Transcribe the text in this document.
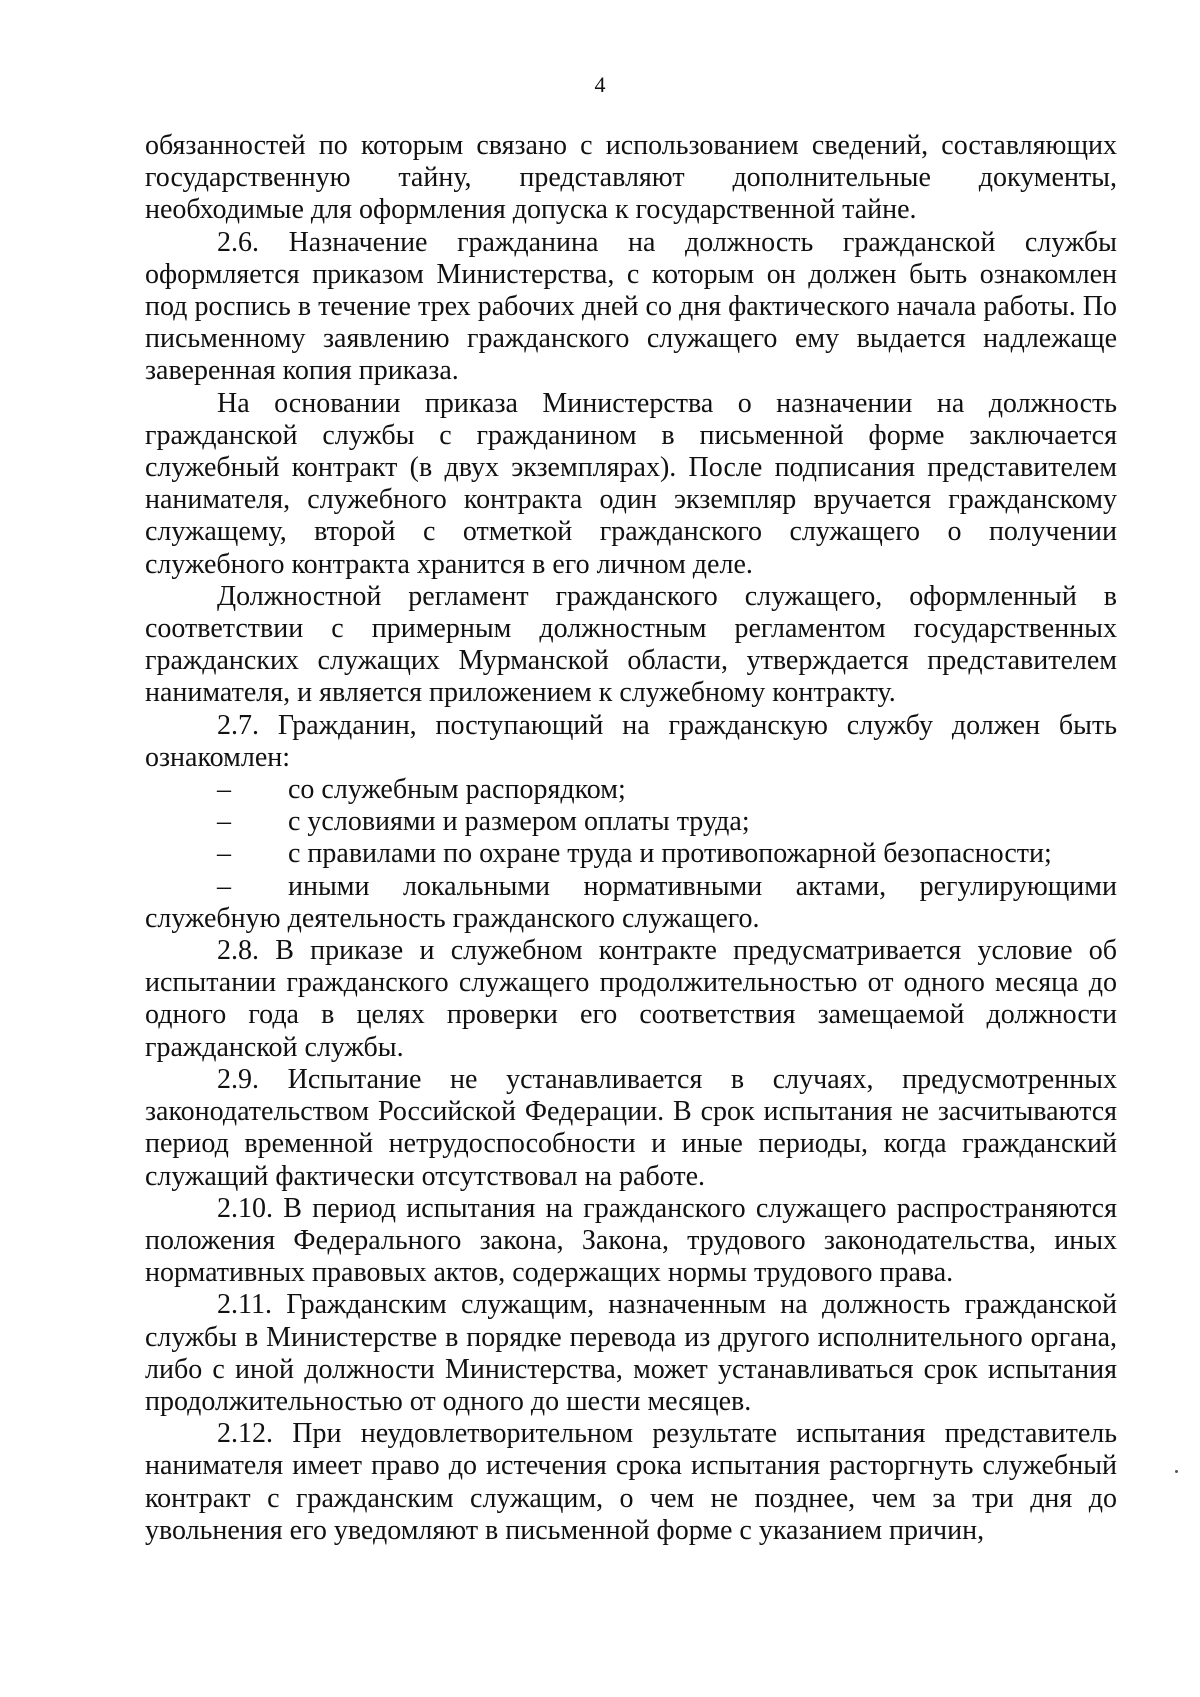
4

обязанностей по которым связано с использованием сведений, составляющих государственную тайну, представляют дополнительные документы, необходимые для оформления допуска к государственной тайне.

2.6. Назначение гражданина на должность гражданской службы оформляется приказом Министерства, с которым он должен быть ознакомлен под роспись в течение трех рабочих дней со дня фактического начала работы. По письменному заявлению гражданского служащего ему выдается надлежаще заверенная копия приказа.

На основании приказа Министерства о назначении на должность гражданской службы с гражданином в письменной форме заключается служебный контракт (в двух экземплярах). После подписания представителем нанимателя, служебного контракта один экземпляр вручается гражданскому служащему, второй с отметкой гражданского служащего о получении служебного контракта хранится в его личном деле.

Должностной регламент гражданского служащего, оформленный в соответствии с примерным должностным регламентом государственных гражданских служащих Мурманской области, утверждается представителем нанимателя, и является приложением к служебному контракту.

2.7. Гражданин, поступающий на гражданскую службу должен быть ознакомлен:

– со служебным распорядком;

– с условиями и размером оплаты труда;

– с правилами по охране труда и противопожарной безопасности;

– иными локальными нормативными актами, регулирующими служебную деятельность гражданского служащего.

2.8. В приказе и служебном контракте предусматривается условие об испытании гражданского служащего продолжительностью от одного месяца до одного года в целях проверки его соответствия замещаемой должности гражданской службы.

2.9. Испытание не устанавливается в случаях, предусмотренных законодательством Российской Федерации. В срок испытания не засчитываются период временной нетрудоспособности и иные периоды, когда гражданский служащий фактически отсутствовал на работе.

2.10. В период испытания на гражданского служащего распространяются положения Федерального закона, Закона, трудового законодательства, иных нормативных правовых актов, содержащих нормы трудового права.

2.11. Гражданским служащим, назначенным на должность гражданской службы в Министерстве в порядке перевода из другого исполнительного органа, либо с иной должности Министерства, может устанавливаться срок испытания продолжительностью от одного до шести месяцев.

2.12. При неудовлетворительном результате испытания представитель нанимателя имеет право до истечения срока испытания расторгнуть служебный контракт с гражданским служащим, о чем не позднее, чем за три дня до увольнения его уведомляют в письменной форме с указанием причин,
